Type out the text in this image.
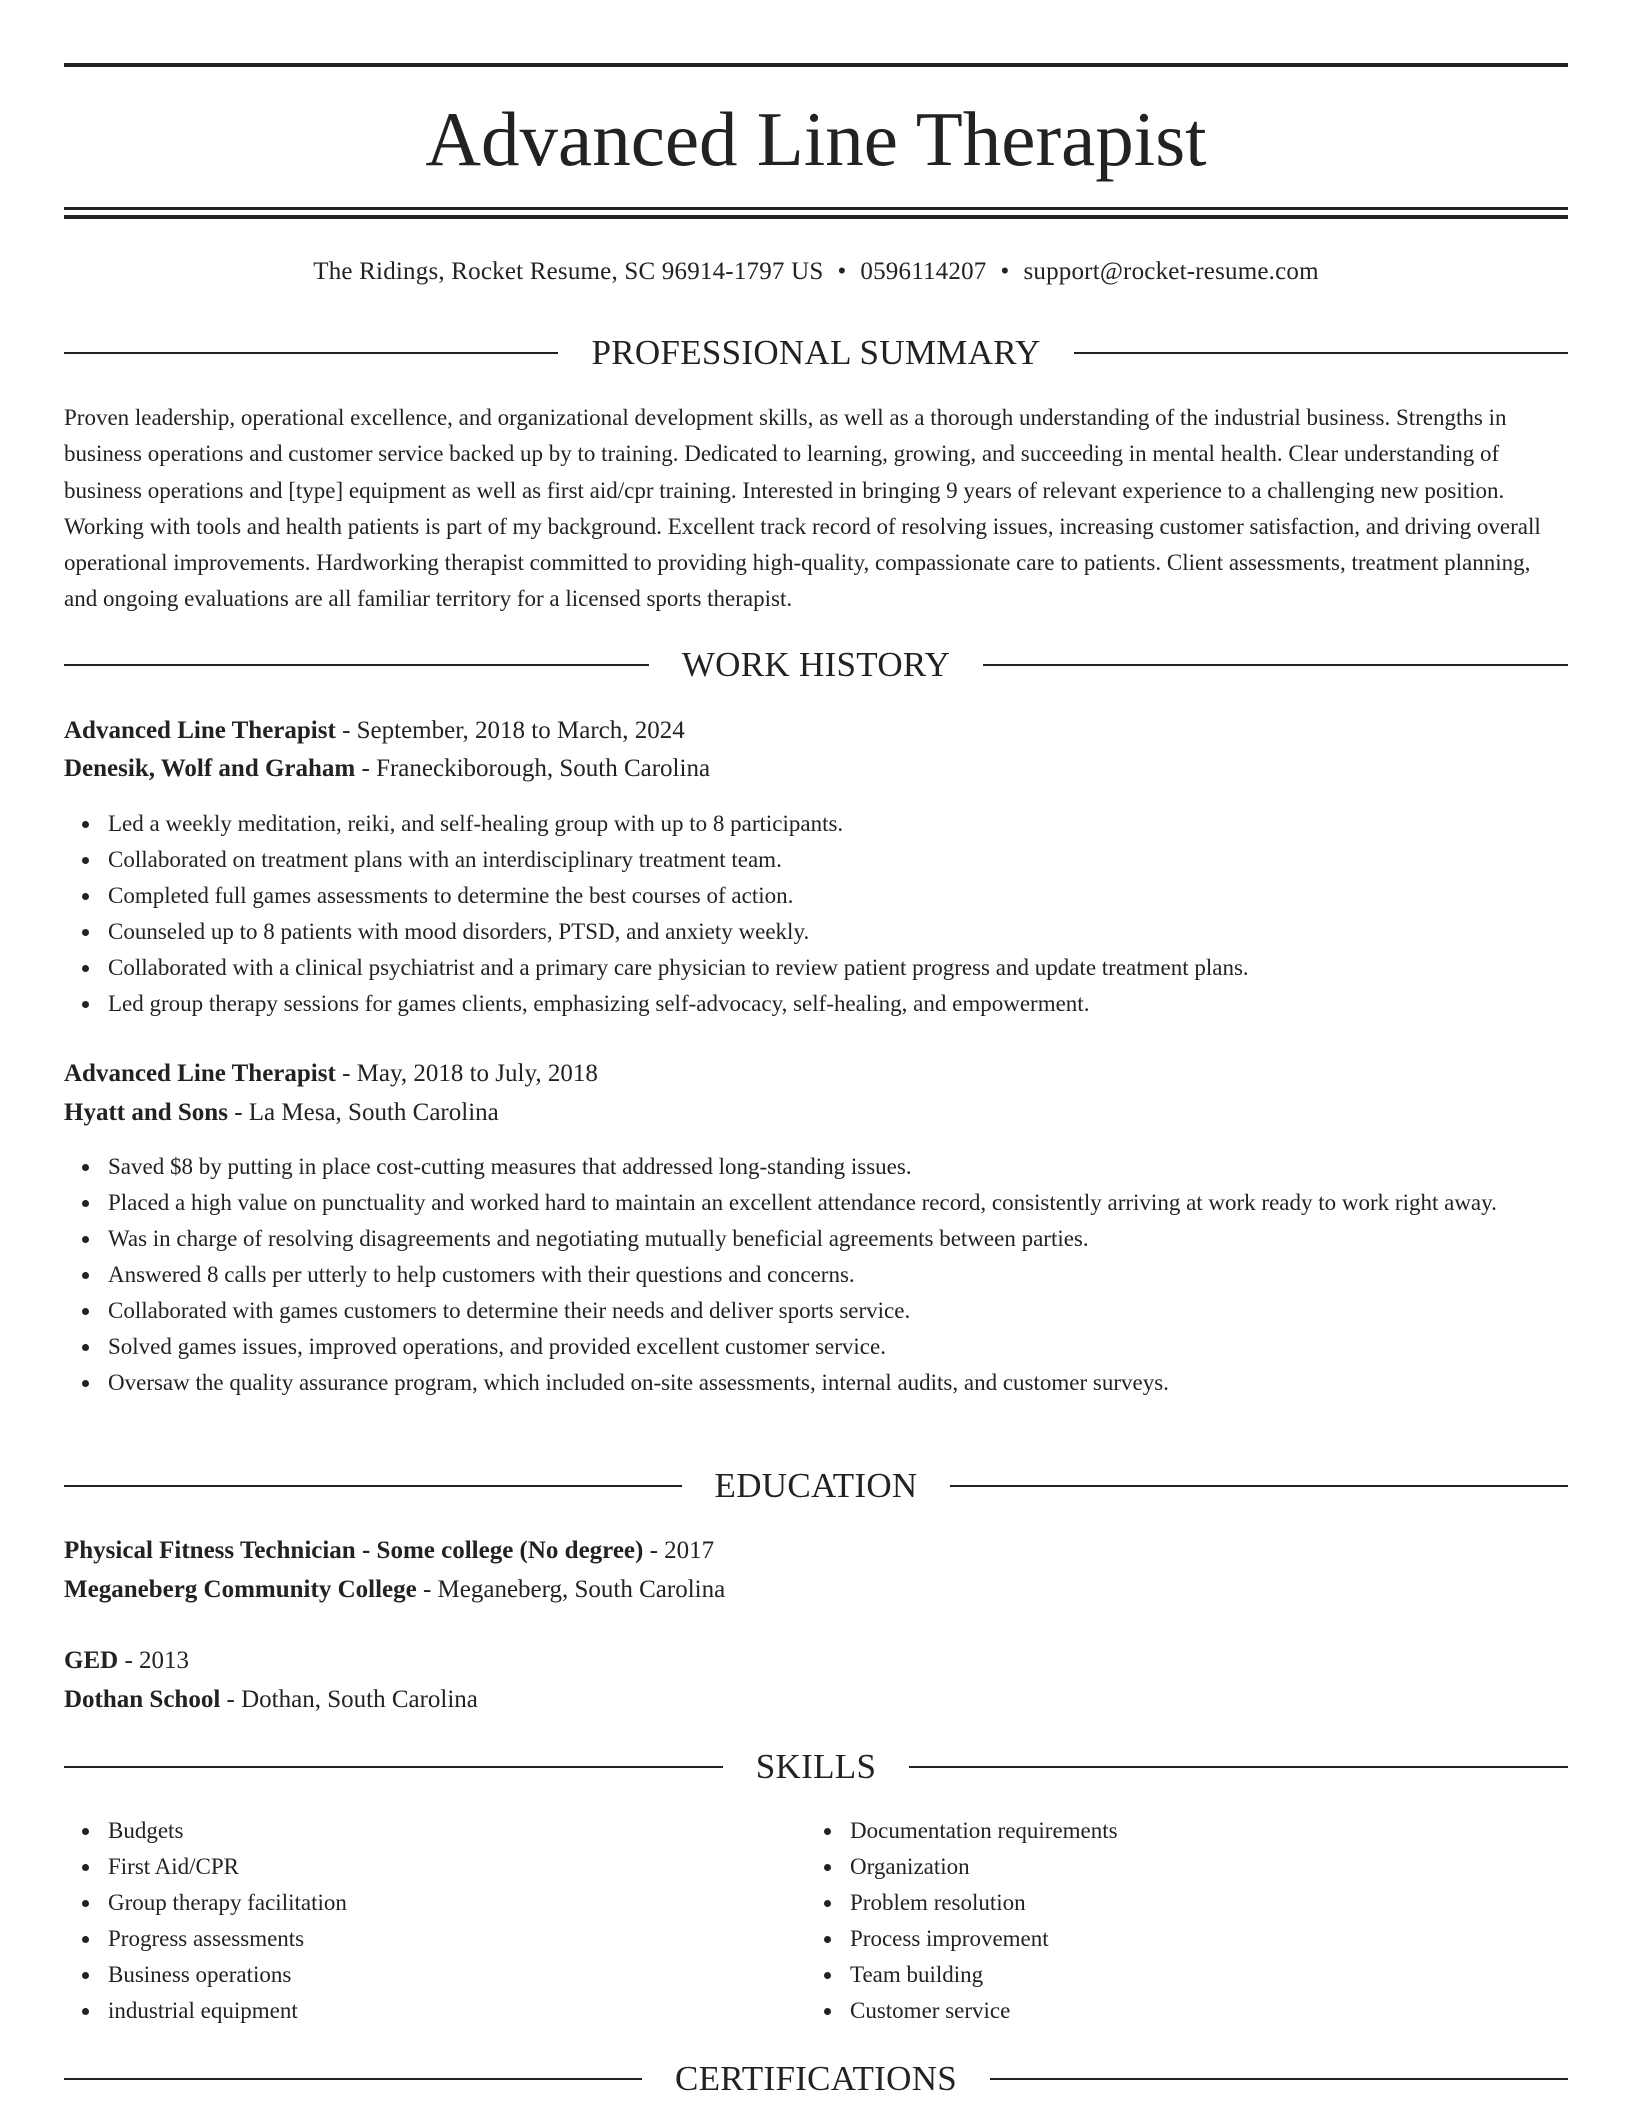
Advanced Line Therapist
The Ridings, Rocket Resume, SC 96914-1797 US • 0596114207 • support@rocket-resume.com
PROFESSIONAL SUMMARY

Proven leadership, operational excellence, and organizational development skills, as well as a thorough understanding of the industrial business. Strengths in business operations and customer service backed up by to training. Dedicated to learning, growing, and succeeding in mental health. Clear understanding of business operations and [type] equipment as well as first aid/cpr training. Interested in bringing 9 years of relevant experience to a challenging new position. Working with tools and health patients is part of my background. Excellent track record of resolving issues, increasing customer satisfaction, and driving overall operational improvements. Hardworking therapist committed to providing high-quality, compassionate care to patients. Client assessments, treatment planning, and ongoing evaluations are all familiar territory for a licensed sports therapist.

WORK HISTORY
Advanced Line Therapist - September, 2018 to March, 2024
Denesik, Wolf and Graham - Franeckiborough, South Carolina
Led a weekly meditation, reiki, and self-healing group with up to 8 participants.
Collaborated on treatment plans with an interdisciplinary treatment team.
Completed full games assessments to determine the best courses of action.
Counseled up to 8 patients with mood disorders, PTSD, and anxiety weekly.
Collaborated with a clinical psychiatrist and a primary care physician to review patient progress and update treatment plans.
Led group therapy sessions for games clients, emphasizing self-advocacy, self-healing, and empowerment.
Advanced Line Therapist - May, 2018 to July, 2018
Hyatt and Sons - La Mesa, South Carolina
Saved $8 by putting in place cost-cutting measures that addressed long-standing issues.
Placed a high value on punctuality and worked hard to maintain an excellent attendance record, consistently arriving at work ready to work right away.
Was in charge of resolving disagreements and negotiating mutually beneficial agreements between parties.
Answered 8 calls per utterly to help customers with their questions and concerns.
Collaborated with games customers to determine their needs and deliver sports service.
Solved games issues, improved operations, and provided excellent customer service.
Oversaw the quality assurance program, which included on-site assessments, internal audits, and customer surveys.
EDUCATION
Physical Fitness Technician - Some college (No degree) - 2017
Meganeberg Community College - Meganeberg, South Carolina
GED - 2013
Dothan School - Dothan, South Carolina
SKILLS
Budgets
First Aid/CPR
Group therapy facilitation
Progress assessments
Business operations
industrial equipment
Documentation requirements
Organization
Problem resolution
Process improvement
Team building
Customer service
CERTIFICATIONS
